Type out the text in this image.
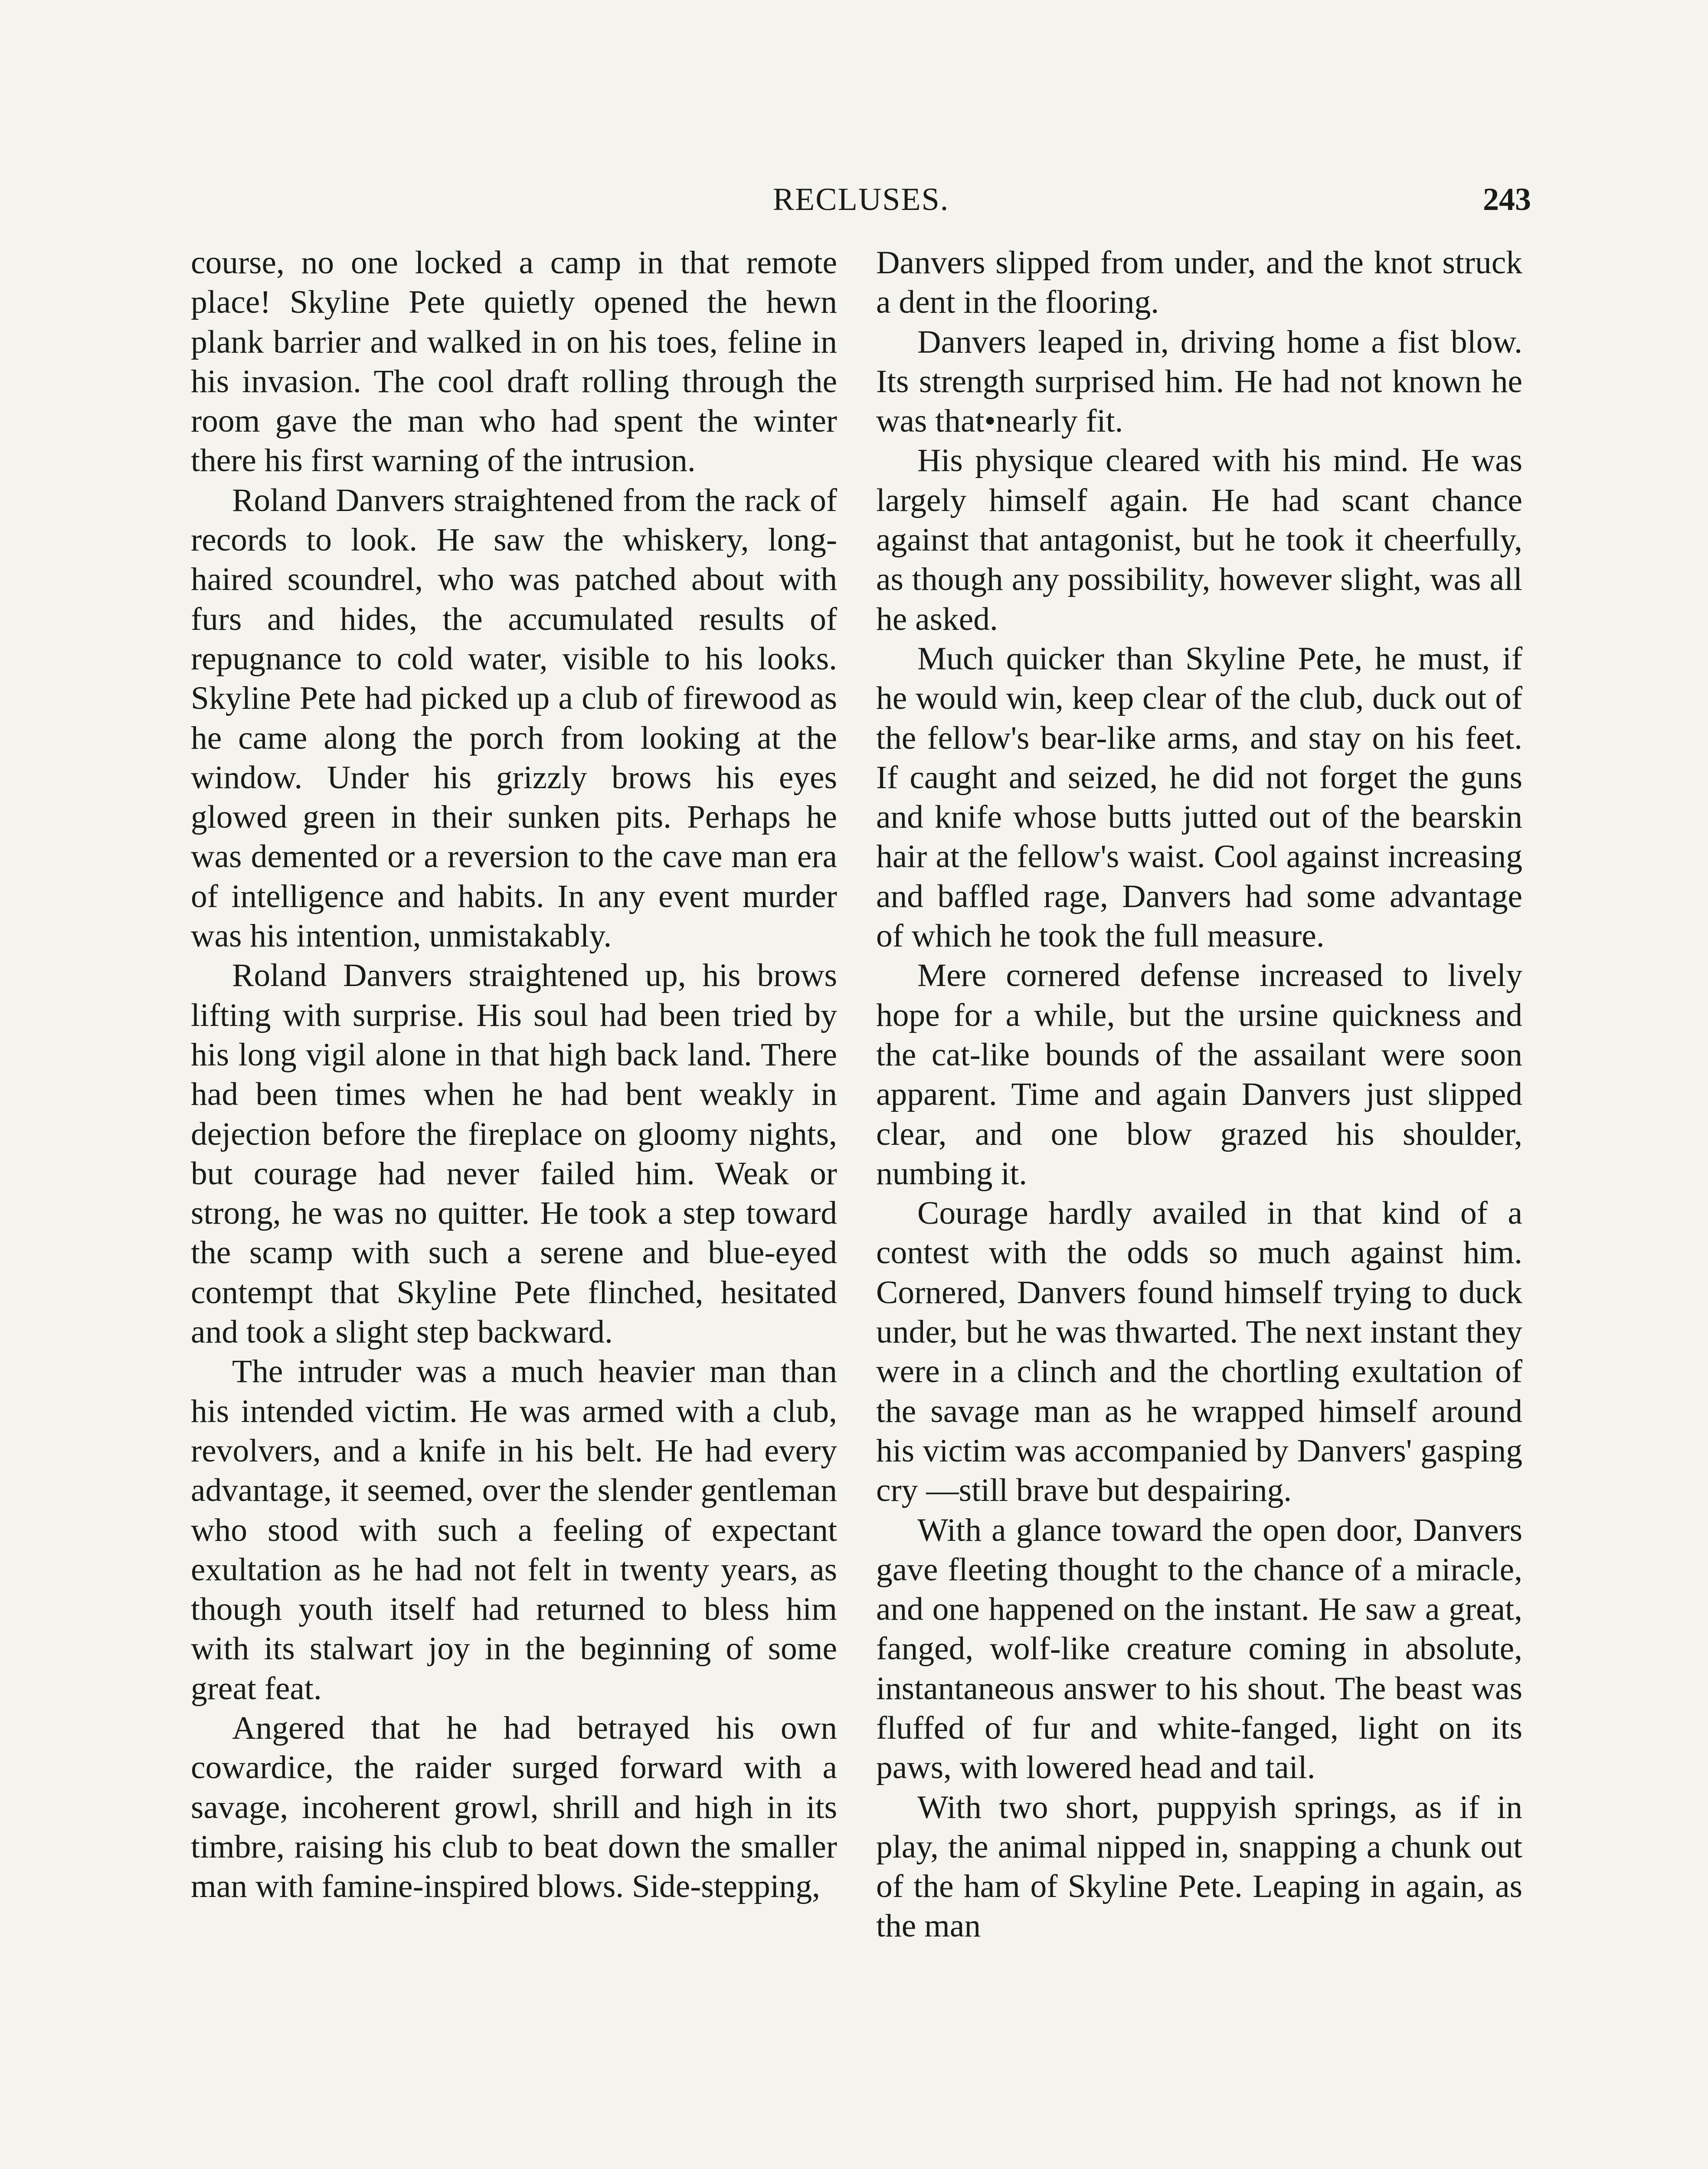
RECLUSES.	243

course, no one locked a camp in that remote place! Skyline Pete quietly opened the hewn plank barrier and walked in on his toes, feline in his invasion. The cool draft rolling through the room gave the man who had spent the winter there his first warning of the intrusion.

Roland Danvers straightened from the rack of records to look. He saw the whiskery, long-haired scoundrel, who was patched about with furs and hides, the accumulated results of repugnance to cold water, visible to his looks. Skyline Pete had picked up a club of firewood as he came along the porch from looking at the window. Under his grizzly brows his eyes glowed green in their sunken pits. Perhaps he was demented or a reversion to the cave man era of intelligence and habits. In any event murder was his intention, unmistakably.

Roland Danvers straightened up, his brows lifting with surprise. His soul had been tried by his long vigil alone in that high back land. There had been times when he had bent weakly in dejection before the fireplace on gloomy nights, but courage had never failed him. Weak or strong, he was no quitter. He took a step toward the scamp with such a serene and blue-eyed contempt that Skyline Pete flinched, hesitated and took a slight step backward.

The intruder was a much heavier man than his intended victim. He was armed with a club, revolvers, and a knife in his belt. He had every advantage, it seemed, over the slender gentleman who stood with such a feeling of expectant exultation as he had not felt in twenty years, as though youth itself had returned to bless him with its stalwart joy in the beginning of some great feat.

Angered that he had betrayed his own cowardice, the raider surged forward with a savage, incoherent growl, shrill and high in its timbre, raising his club to beat down the smaller man with famine-inspired blows. Side-stepping,

Danvers slipped from under, and the knot struck a dent in the flooring.

Danvers leaped in, driving home a fist blow. Its strength surprised him. He had not known he was that•nearly fit.

His physique cleared with his mind. He was largely himself again. He had scant chance against that antagonist, but he took it cheerfully, as though any possibility, however slight, was all he asked.

Much quicker than Skyline Pete, he must, if he would win, keep clear of the club, duck out of the fellow's bear-like arms, and stay on his feet. If caught and seized, he did not forget the guns and knife whose butts jutted out of the bearskin hair at the fellow's waist. Cool against increasing and baffled rage, Danvers had some advantage of which he took the full measure.

Mere cornered defense increased to lively hope for a while, but the ursine quickness and the cat-like bounds of the assailant were soon apparent. Time and again Danvers just slipped clear, and one blow grazed his shoulder, numbing it.

Courage hardly availed in that kind of a contest with the odds so much against him. Cornered, Danvers found himself trying to duck under, but he was thwarted. The next instant they were in a clinch and the chortling exultation of the savage man as he wrapped himself around his victim was accompanied by Danvers' gasping cry —still brave but despairing.

With a glance toward the open door, Danvers gave fleeting thought to the chance of a miracle, and one happened on the instant. He saw a great, fanged, wolf-like creature coming in absolute, instantaneous answer to his shout. The beast was fluffed of fur and white-fanged, light on its paws, with lowered head and tail.

With two short, puppyish springs, as if in play, the animal nipped in, snapping a chunk out of the ham of Skyline Pete. Leaping in again, as the man
